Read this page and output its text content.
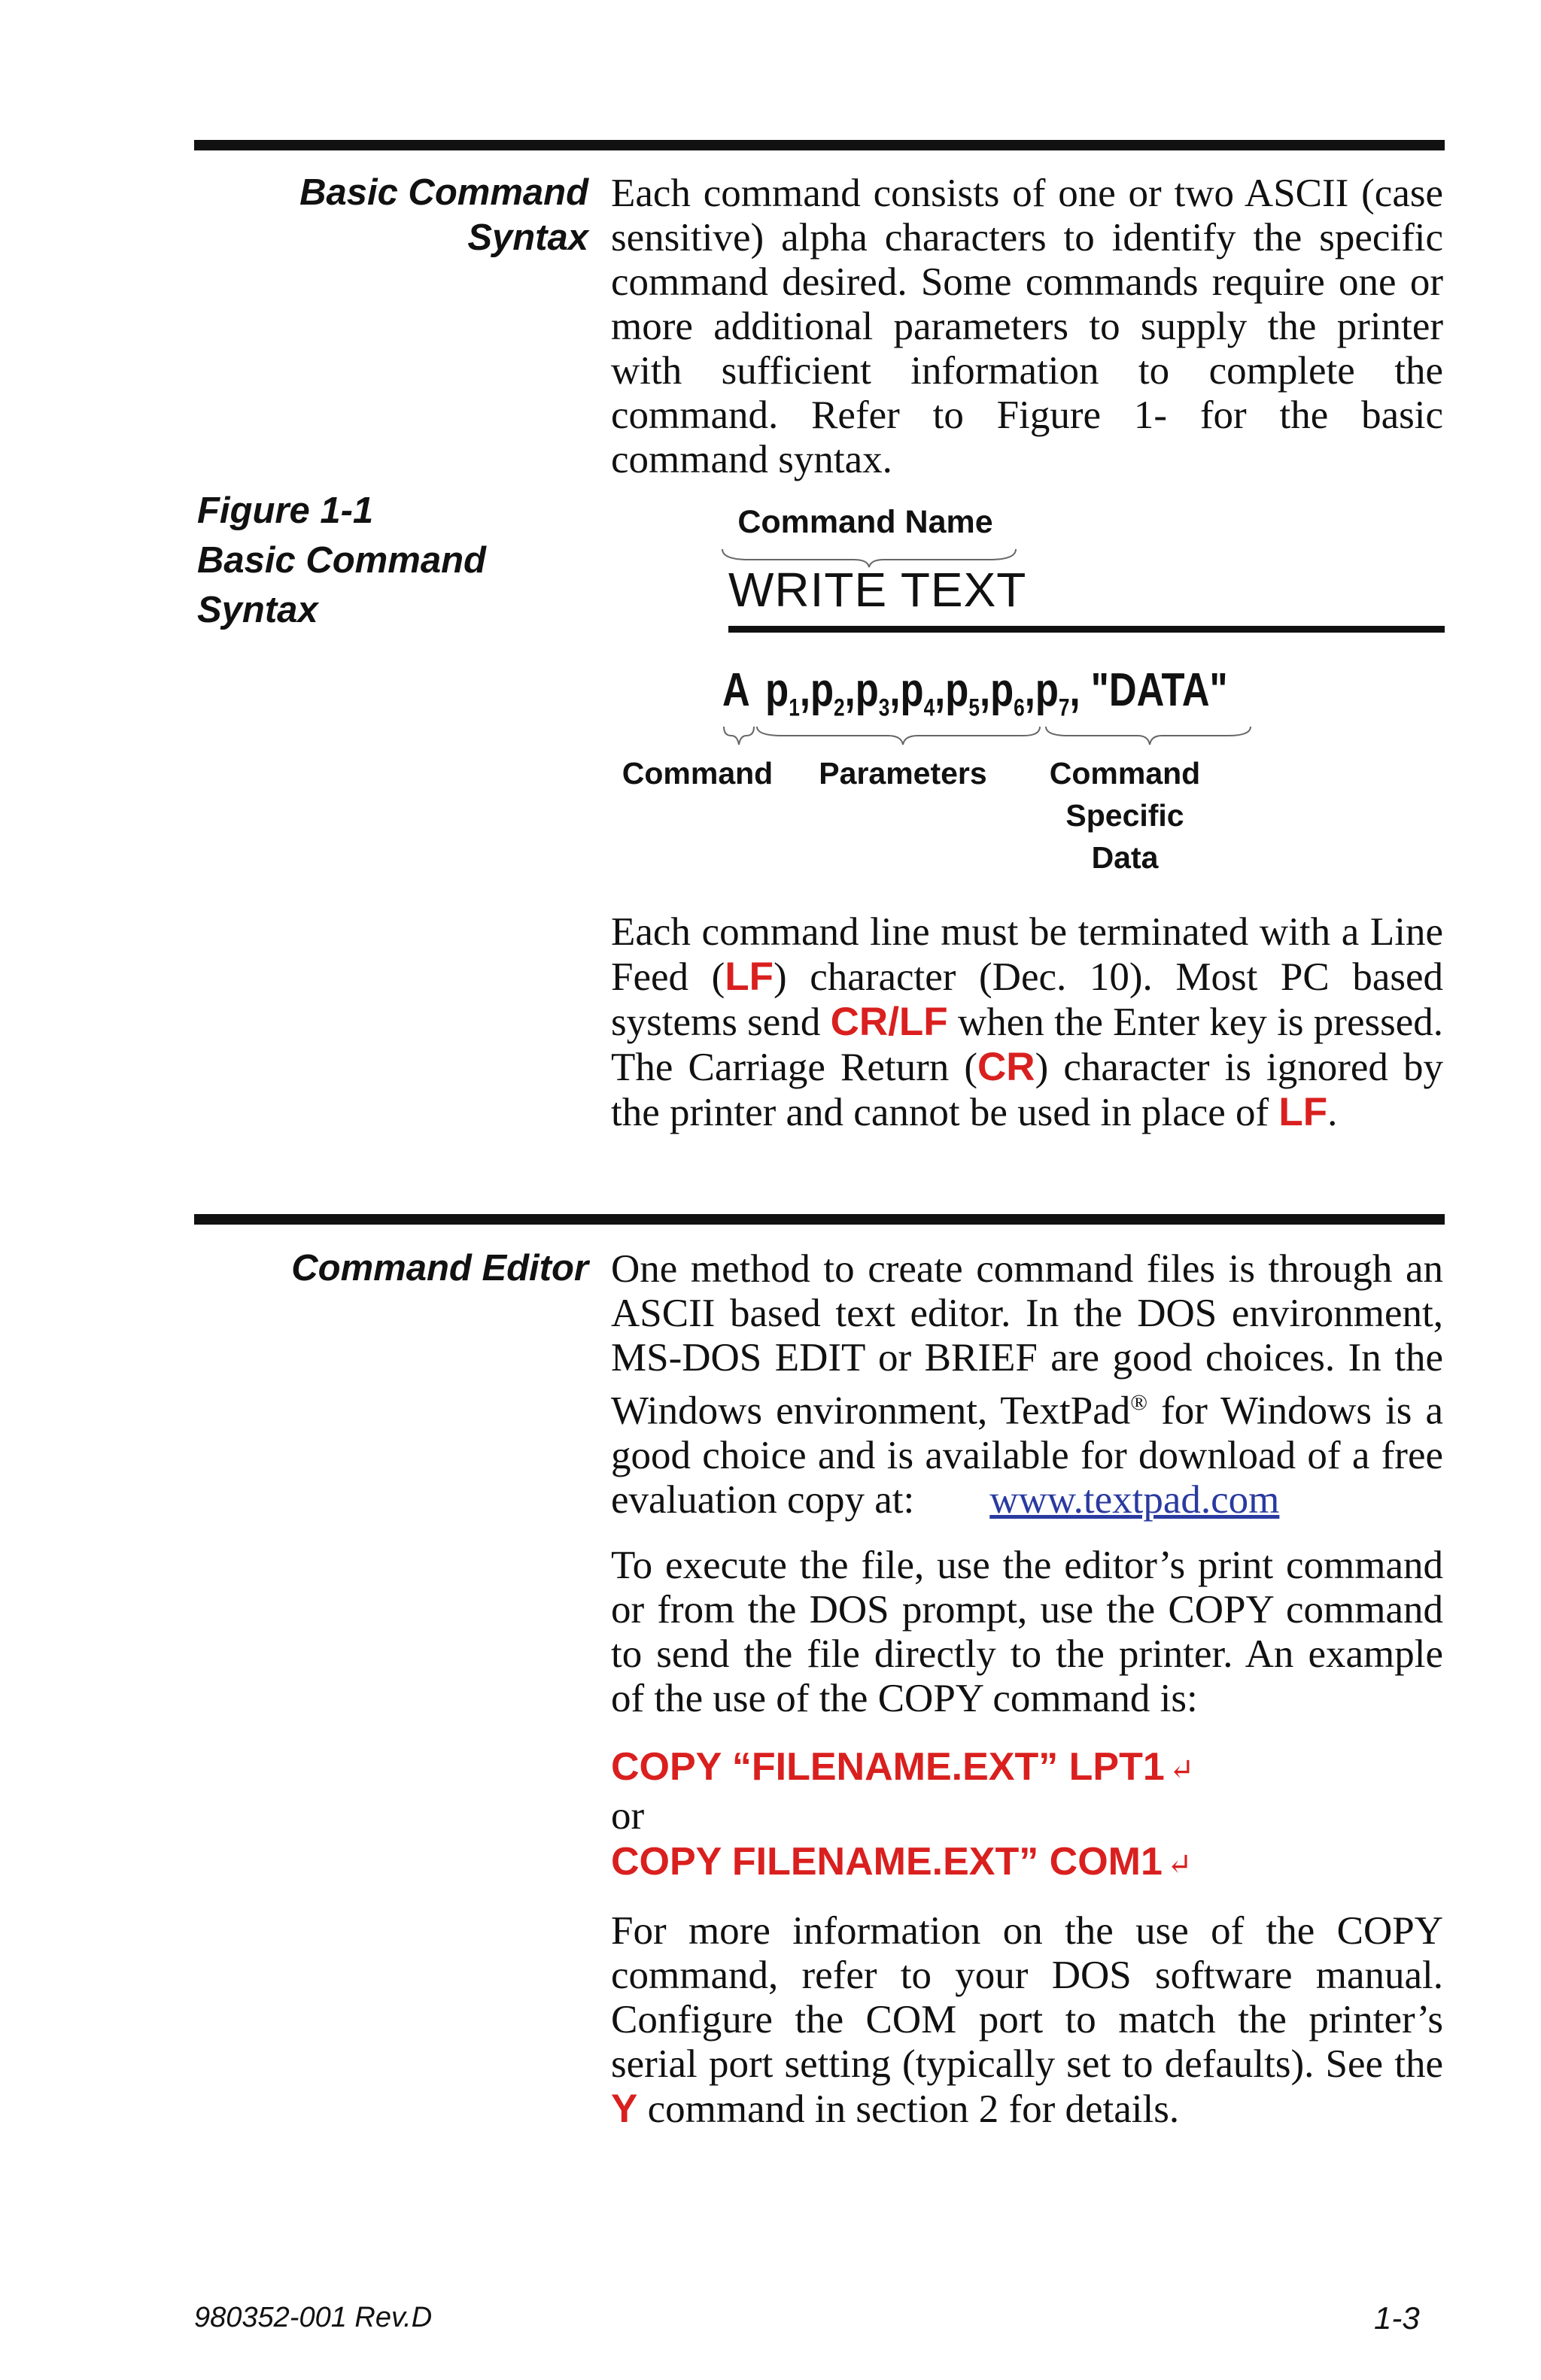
Basic Command
Syntax

Each command consists of one or two ASCII (case sensitive) alpha characters to identify the specific command desired. Some commands require one or more additional parameters to supply the printer with sufficient information to complete the command. Refer to Figure 1- for the basic command syntax.

Figure 1-1
Basic Command
Syntax
Command Name
WRITE TEXT
A $p_1,p_2,p_3,p_4,p_5,p_6,p_7$, "DATA"
Command	Parameters	Command
Specific
Data

Each command line must be terminated with a Line Feed (LF) character (Dec. 10). Most PC based systems send CR/LF when the Enter key is pressed. The Carriage Return (CR) character is ignored by the printer and cannot be used in place of LF.

Command Editor One method to create command files is through an ASCII based text editor. In the DOS environment, MS-DOS EDIT or BRIEF are good choices. In the Windows environment, TextPad® for Windows is a good choice and is available for download of a free evaluation copy at: www.textpad.com

To execute the file, use the editor’s print command or from the DOS prompt, use the COPY command to send the file directly to the printer. An example of the use of the COPY command is:

COPY “FILENAME.EXT” LPT1 ↵
or
COPY FILENAME.EXT” COM1 ↵

For more information on the use of the COPY command, refer to your DOS software manual. Configure the COM port to match the printer’s serial port setting (typically set to defaults). See the Y command in section 2 for details.

980352-001 Rev.D	1-3
